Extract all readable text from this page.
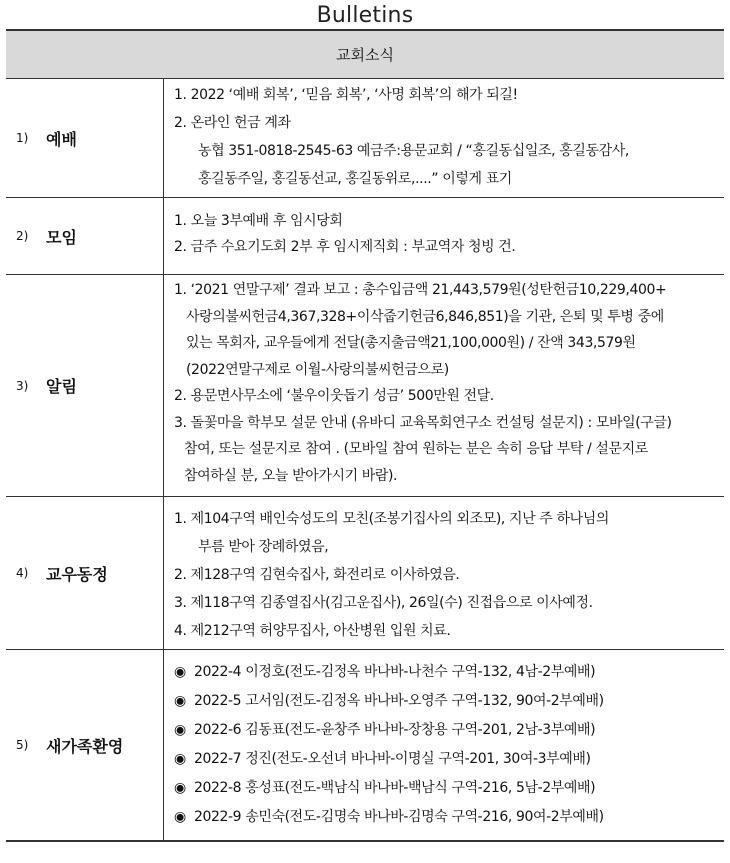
Bulletins
교회소식
1)	예배
1. 2022 ‘예배 회복’, ‘믿음 회복’, ‘사명 회복’의 해가 되길!
2. 온라인 헌금 계좌
농협 351-0818-2545-63 예금주:용문교회 / “홍길동십일조, 홍길동감사,
홍길동주일, 홍길동선교, 홍길동위로,....” 이렇게 표기
2)	모임
1. 오늘 3부예배 후 임시당회
2. 금주 수요기도회 2부 후 임시제직회 : 부교역자 청빙 건.
3)	알림
1. ‘2021 연말구제’ 결과 보고 : 총수입금액 21,443,579원(성탄헌금10,229,400+
사랑의불씨헌금4,367,328+이삭줍기헌금6,846,851)을 기관, 은퇴 및 투병 중에
있는 목회자, 교우들에게 전달(총지출금액21,100,000원) / 잔액 343,579원
(2022연말구제로 이월-사랑의불씨헌금으로)
2. 용문면사무소에 ‘불우이웃돕기 성금’ 500만원 전달.
3. 돌꽃마을 학부모 설문 안내 (유바디 교육목회연구소 컨설팅 설문지) : 모바일(구글)
참여, 또는 설문지로 참여 . (모바일 참여 원하는 분은 속히 응답 부탁 / 설문지로
참여하실 분, 오늘 받아가시기 바람).
4)	교우동정
1. 제104구역 배인숙성도의 모친(조봉기집사의 외조모), 지난 주 하나님의
부름 받아 장례하였음,
2. 제128구역 김현숙집사, 화전리로 이사하였음.
3. 제118구역 김종열집사(김고운집사), 26일(수) 진접읍으로 이사예정.
4. 제212구역 허양무집사, 아산병원 입원 치료.
5)	새가족환영
◉ 2022-4 이정호(전도-김정옥 바나바-나천수 구역-132, 4남-2부예배)
◉ 2022-5 고서임(전도-김정옥 바나바-오영주 구역-132, 90여-2부예배)
◉ 2022-6 김동표(전도-윤창주 바나바-장창용 구역-201, 2남-3부예배)
◉ 2022-7 정진(전도-오선녀 바나바-이명실 구역-201, 30여-3부예배)
◉ 2022-8 홍성표(전도-백남식 바나바-백남식 구역-216, 5남-2부예배)
◉ 2022-9 송민숙(전도-김명숙 바나바-김명숙 구역-216, 90여-2부예배)
